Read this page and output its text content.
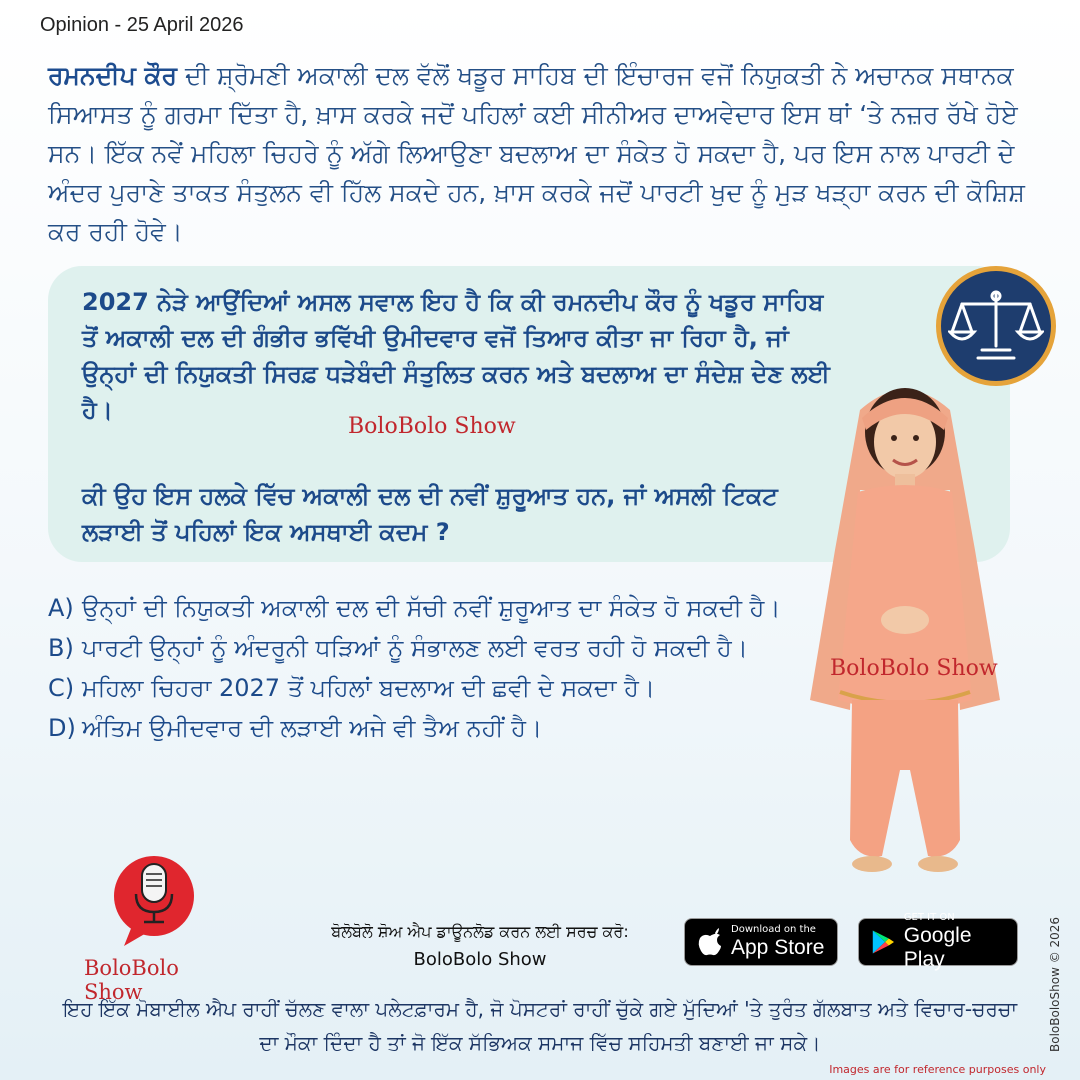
Opinion - 25 April 2026
ਰਮਨਦੀਪ ਕੌਰ ਦੀ ਸ਼੍ਰੋਮਣੀ ਅਕਾਲੀ ਦਲ ਵੱਲੋਂ ਖਡੂਰ ਸਾਹਿਬ ਦੀ ਇੰਚਾਰਜ ਵਜੋਂ ਨਿਯੁਕਤੀ ਨੇ ਅਚਾਨਕ ਸਥਾਨਕ ਸਿਆਸਤ ਨੂੰ ਗਰਮਾ ਦਿੱਤਾ ਹੈ, ਖ਼ਾਸ ਕਰਕੇ ਜਦੋਂ ਪਹਿਲਾਂ ਕਈ ਸੀਨੀਅਰ ਦਾਅਵੇਦਾਰ ਇਸ ਥਾਂ ‘ਤੇ ਨਜ਼ਰ ਰੱਖੇ ਹੋਏ ਸਨ। ਇੱਕ ਨਵੇਂ ਮਹਿਲਾ ਚਿਹਰੇ ਨੂੰ ਅੱਗੇ ਲਿਆਉਣਾ ਬਦਲਾਅ ਦਾ ਸੰਕੇਤ ਹੋ ਸਕਦਾ ਹੈ, ਪਰ ਇਸ ਨਾਲ ਪਾਰਟੀ ਦੇ ਅੰਦਰ ਪੁਰਾਣੇ ਤਾਕਤ ਸੰਤੁਲਨ ਵੀ ਹਿੱਲ ਸਕਦੇ ਹਨ, ਖ਼ਾਸ ਕਰਕੇ ਜਦੋਂ ਪਾਰਟੀ ਖੁਦ ਨੂੰ ਮੁੜ ਖੜ੍ਹਾ ਕਰਨ ਦੀ ਕੋਸ਼ਿਸ਼ ਕਰ ਰਹੀ ਹੋਵੇ।
2027 ਨੇੜੇ ਆਉਂਦਿਆਂ ਅਸਲ ਸਵਾਲ ਇਹ ਹੈ ਕਿ ਕੀ ਰਮਨਦੀਪ ਕੌਰ ਨੂੰ ਖਡੂਰ ਸਾਹਿਬ ਤੋਂ ਅਕਾਲੀ ਦਲ ਦੀ ਗੰਭੀਰ ਭਵਿੱਖੀ ਉਮੀਦਵਾਰ ਵਜੋਂ ਤਿਆਰ ਕੀਤਾ ਜਾ ਰਿਹਾ ਹੈ, ਜਾਂ ਉਨ੍ਹਾਂ ਦੀ ਨਿਯੁਕਤੀ ਸਿਰਫ਼ ਧੜੇਬੰਦੀ ਸੰਤੁਲਿਤ ਕਰਨ ਅਤੇ ਬਦਲਾਅ ਦਾ ਸੰਦੇਸ਼ ਦੇਣ ਲਈ ਹੈ।
BoloBolo Show
ਕੀ ਉਹ ਇਸ ਹਲਕੇ ਵਿੱਚ ਅਕਾਲੀ ਦਲ ਦੀ ਨਵੀਂ ਸ਼ੁਰੂਆਤ ਹਨ, ਜਾਂ ਅਸਲੀ ਟਿਕਟ ਲੜਾਈ ਤੋਂ ਪਹਿਲਾਂ ਇਕ ਅਸਥਾਈ ਕਦਮ ?
A) ਉਨ੍ਹਾਂ ਦੀ ਨਿਯੁਕਤੀ ਅਕਾਲੀ ਦਲ ਦੀ ਸੱਚੀ ਨਵੀਂ ਸ਼ੁਰੂਆਤ ਦਾ ਸੰਕੇਤ ਹੋ ਸਕਦੀ ਹੈ।
B) ਪਾਰਟੀ ਉਨ੍ਹਾਂ ਨੂੰ ਅੰਦਰੂਨੀ ਧੜਿਆਂ ਨੂੰ ਸੰਭਾਲਣ ਲਈ ਵਰਤ ਰਹੀ ਹੋ ਸਕਦੀ ਹੈ।
C) ਮਹਿਲਾ ਚਿਹਰਾ 2027 ਤੋਂ ਪਹਿਲਾਂ ਬਦਲਾਅ ਦੀ ਛਵੀ ਦੇ ਸਕਦਾ ਹੈ।
D) ਅੰਤਿਮ ਉਮੀਦਵਾਰ ਦੀ ਲੜਾਈ ਅਜੇ ਵੀ ਤੈਅ ਨਹੀਂ ਹੈ।
BoloBolo Show
BoloBolo Show
ਬੋਲੋਬੋਲੋ ਸ਼ੋਅ ਐਪ ਡਾਊਨਲੋਡ ਕਰਨ ਲਈ ਸਰਚ ਕਰੋ:
BoloBolo Show
Download on the
App Store
GET IT ON
Google Play
ਇਹ ਇੱਕ ਮੋਬਾਈਲ ਐਪ ਰਾਹੀਂ ਚੱਲਣ ਵਾਲਾ ਪਲੇਟਫ਼ਾਰਮ ਹੈ, ਜੋ ਪੋਸਟਰਾਂ ਰਾਹੀਂ ਚੁੱਕੇ ਗਏ ਮੁੱਦਿਆਂ 'ਤੇ ਤੁਰੰਤ ਗੱਲਬਾਤ ਅਤੇ ਵਿਚਾਰ-ਚਰਚਾ ਦਾ ਮੌਕਾ ਦਿੰਦਾ ਹੈ ਤਾਂ ਜੋ ਇੱਕ ਸੱਭਿਅਕ ਸਮਾਜ ਵਿੱਚ ਸਹਿਮਤੀ ਬਣਾਈ ਜਾ ਸਕੇ।	BoloBoloShow © 2026
Images are for reference purposes only
